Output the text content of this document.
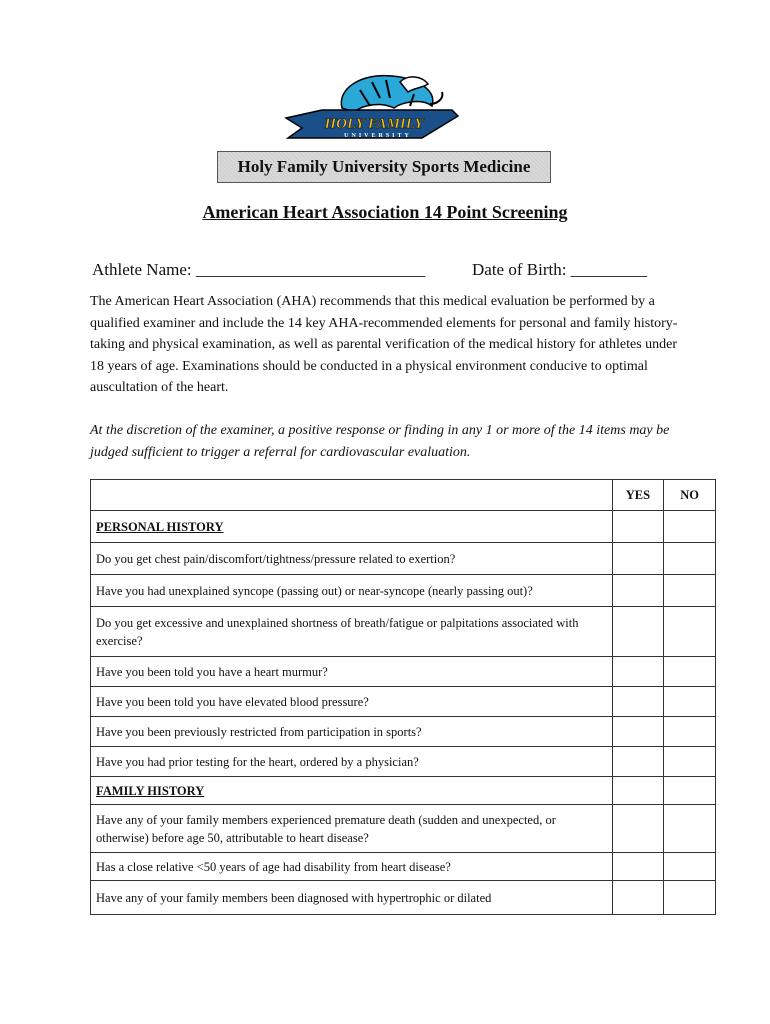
HOLY FAMILY
UNIVERSITY
Holy Family University Sports Medicine
American Heart Association 14 Point Screening
Athlete Name: ___________________________	Date of Birth: _________
The American Heart Association (AHA) recommends that this medical evaluation be performed by a qualified examiner and include the 14 key AHA-recommended elements for personal and family history-taking and physical examination, as well as parental verification of the medical history for athletes under 18 years of age. Examinations should be conducted in a physical environment conducive to optimal auscultation of the heart.
At the discretion of the examiner, a positive response or finding in any 1 or more of the 14 items may be judged sufficient to trigger a referral for cardiovascular evaluation.
	YES	NO
PERSONAL HISTORY		
Do you get chest pain/discomfort/tightness/pressure related to exertion?		
Have you had unexplained syncope (passing out) or near-syncope (nearly passing out)?		
Do you get excessive and unexplained shortness of breath/fatigue or palpitations associated with exercise?		
Have you been told you have a heart murmur?		
Have you been told you have elevated blood pressure?		
Have you been previously restricted from participation in sports?		
Have you had prior testing for the heart, ordered by a physician?		
FAMILY HISTORY		
Have any of your family members experienced premature death (sudden and unexpected, or otherwise) before age 50, attributable to heart disease?		
Has a close relative <50 years of age had disability from heart disease?		
Have any of your family members been diagnosed with hypertrophic or dilated		
